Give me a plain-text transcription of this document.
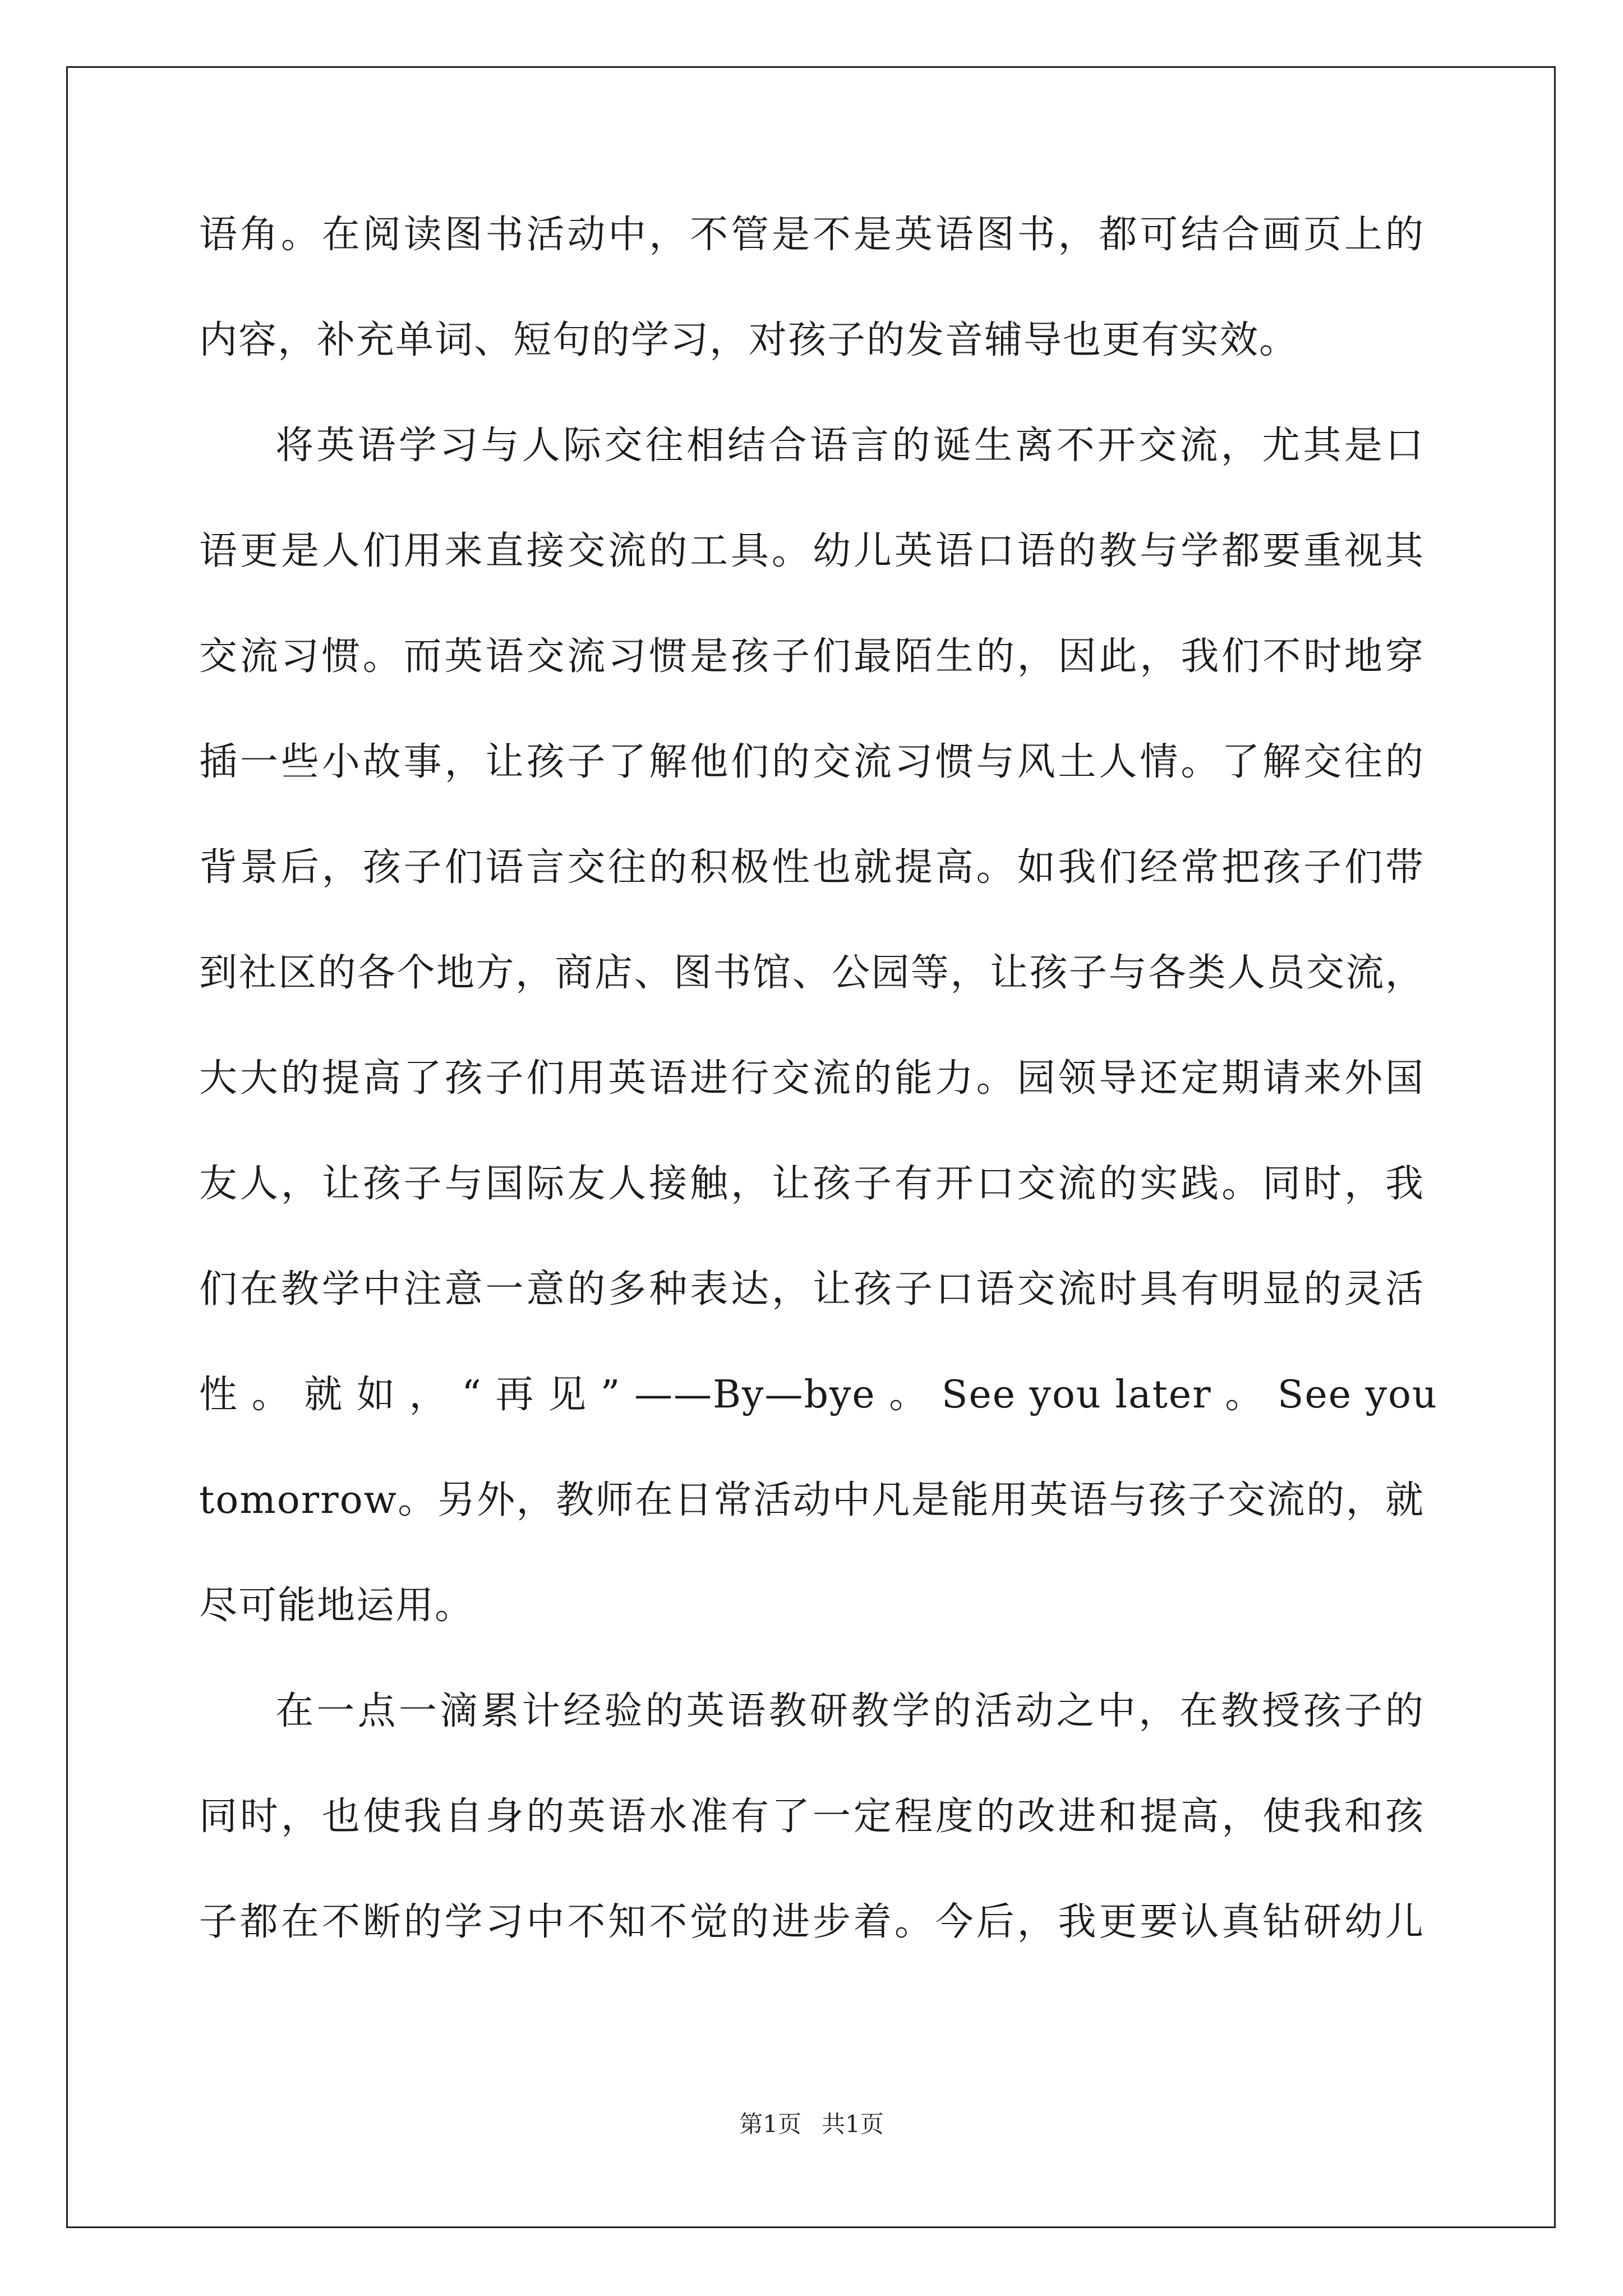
语角。在阅读图书活动中，不管是不是英语图书，都可结合画页上的
内容，补充单词、短句的学习，对孩子的发音辅导也更有实效。
将英语学习与人际交往相结合语言的诞生离不开交流，尤其是口
语更是人们用来直接交流的工具。幼儿英语口语的教与学都要重视其
交流习惯。而英语交流习惯是孩子们最陌生的，因此，我们不时地穿
插一些小故事，让孩子了解他们的交流习惯与风土人情。了解交往的
背景后，孩子们语言交往的积极性也就提高。如我们经常把孩子们带
到社区的各个地方，商店、图书馆、公园等，让孩子与各类人员交流，
大大的提高了孩子们用英语进行交流的能力。园领导还定期请来外国
友人，让孩子与国际友人接触，让孩子有开口交流的实践。同时，我
们在教学中注意一意的多种表达，让孩子口语交流时具有明显的灵活
性 。 就 如 ， “ 再 见 ” ——By—bye 。 See you later 。 See you
tomorrow。另外，教师在日常活动中凡是能用英语与孩子交流的，就
尽可能地运用。
在一点一滴累计经验的英语教研教学的活动之中，在教授孩子的
同时，也使我自身的英语水准有了一定程度的改进和提高，使我和孩
子都在不断的学习中不知不觉的进步着。今后，我更要认真钻研幼儿
第1页 共1页
